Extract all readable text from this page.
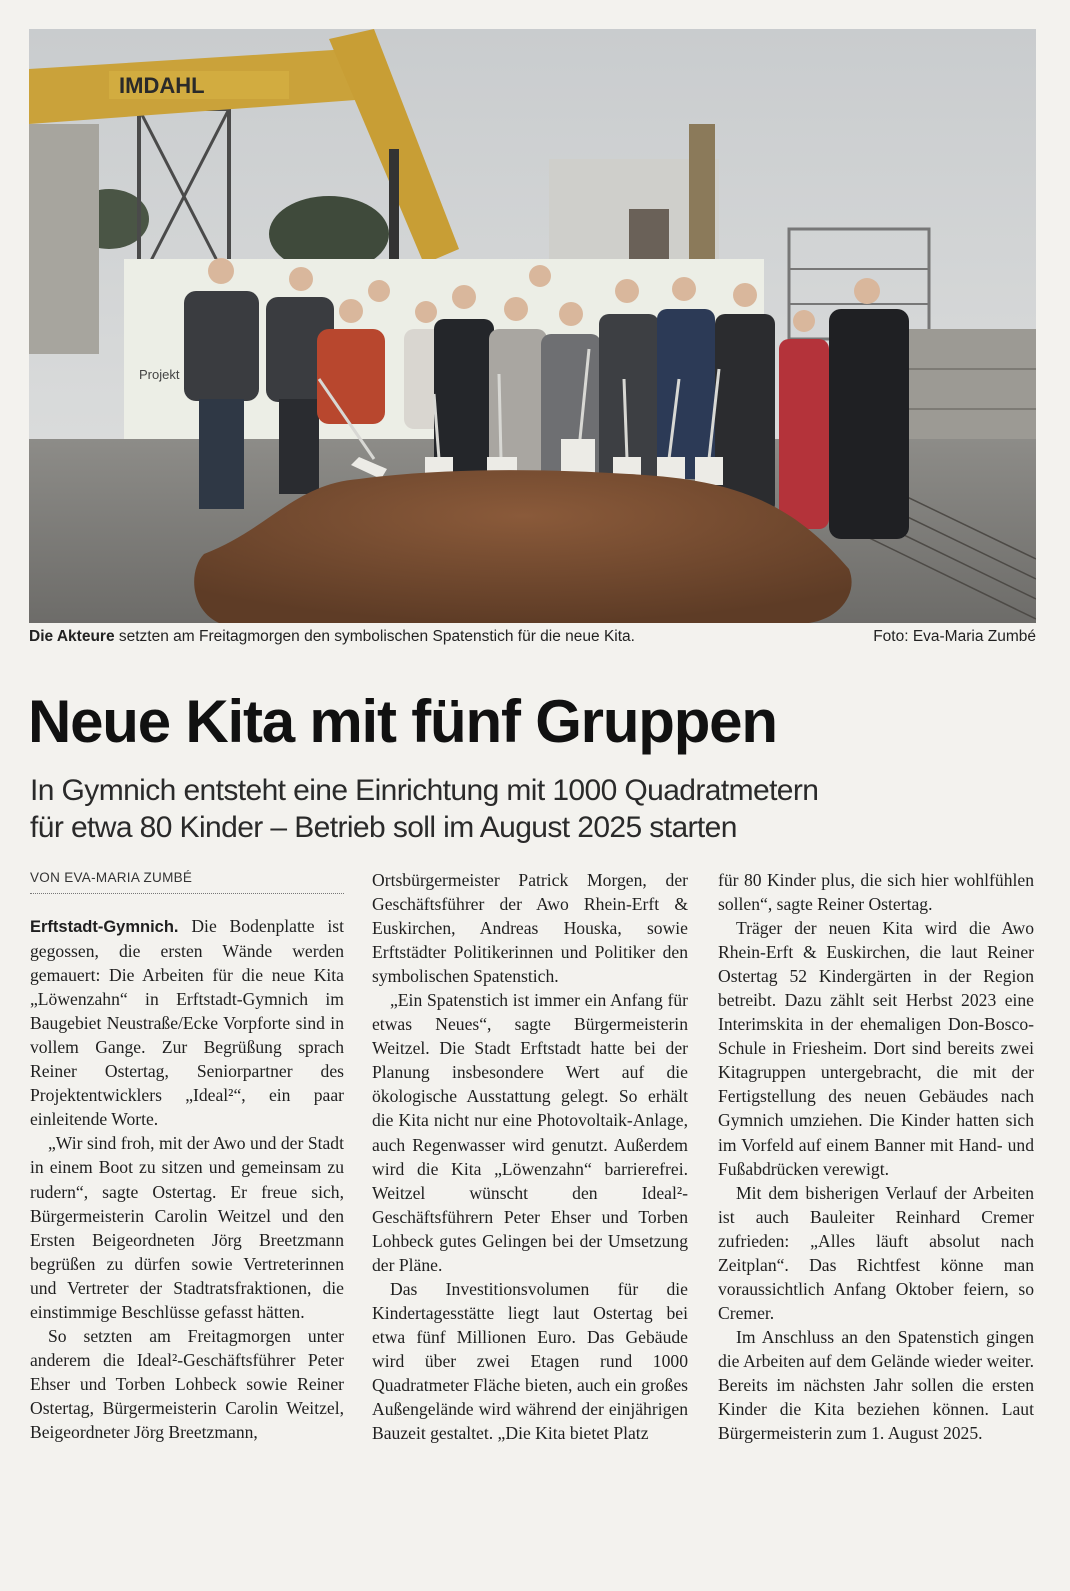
IMDAHL
Projekt
Die Akteure setzten am Freitagmorgen den symbolischen Spatenstich für die neue Kita.	Foto: Eva-Maria Zumbé
Neue Kita mit fünf Gruppen
In Gymnich entsteht eine Einrichtung mit 1000 Quadratmetern
für etwa 80 Kinder – Betrieb soll im August 2025 starten
VON EVA-MARIA ZUMBÉ

Erftstadt-Gymnich. Die Bodenplatte ist gegossen, die ersten Wände werden gemauert: Die Arbeiten für die neue Kita „Löwenzahn“ in Erftstadt-Gymnich im Baugebiet Neustraße/Ecke Vorpforte sind in vollem Gange. Zur Begrüßung sprach Reiner Ostertag, Seniorpartner des Projektentwicklers „Ideal²“, ein paar einleitende Worte.

„Wir sind froh, mit der Awo und der Stadt in einem Boot zu sitzen und gemeinsam zu rudern“, sagte Ostertag. Er freue sich, Bürgermeisterin Carolin Weitzel und den Ersten Beigeordneten Jörg Breetzmann begrüßen zu dürfen sowie Vertreterinnen und Vertreter der Stadtratsfraktionen, die einstimmige Beschlüsse gefasst hätten.

So setzten am Freitagmorgen unter anderem die Ideal²-Geschäftsführer Peter Ehser und Torben Lohbeck sowie Reiner Ostertag, Bürgermeisterin Carolin Weitzel, Beigeordneter Jörg Breetzmann,

Ortsbürgermeister Patrick Morgen, der Geschäftsführer der Awo Rhein-Erft & Euskirchen, Andreas Houska, sowie Erftstädter Politikerinnen und Politiker den symbolischen Spatenstich.

„Ein Spatenstich ist immer ein Anfang für etwas Neues“, sagte Bürgermeisterin Weitzel. Die Stadt Erftstadt hatte bei der Planung insbesondere Wert auf die ökologische Ausstattung gelegt. So erhält die Kita nicht nur eine Photovoltaik-Anlage, auch Regenwasser wird genutzt. Außerdem wird die Kita „Löwenzahn“ barrierefrei. Weitzel wünscht den Ideal²-Geschäftsführern Peter Ehser und Torben Lohbeck gutes Gelingen bei der Umsetzung der Pläne.

Das Investitionsvolumen für die Kindertagesstätte liegt laut Ostertag bei etwa fünf Millionen Euro. Das Gebäude wird über zwei Etagen rund 1000 Quadratmeter Fläche bieten, auch ein großes Außengelände wird während der einjährigen Bauzeit gestaltet. „Die Kita bietet Platz

für 80 Kinder plus, die sich hier wohlfühlen sollen“, sagte Reiner Ostertag.

Träger der neuen Kita wird die Awo Rhein-Erft & Euskirchen, die laut Reiner Ostertag 52 Kindergärten in der Region betreibt. Dazu zählt seit Herbst 2023 eine Interimskita in der ehemaligen Don-Bosco-Schule in Friesheim. Dort sind bereits zwei Kitagruppen untergebracht, die mit der Fertigstellung des neuen Gebäudes nach Gymnich umziehen. Die Kinder hatten sich im Vorfeld auf einem Banner mit Hand- und Fußabdrücken verewigt.

Mit dem bisherigen Verlauf der Arbeiten ist auch Bauleiter Reinhard Cremer zufrieden: „Alles läuft absolut nach Zeitplan“. Das Richtfest könne man voraussichtlich Anfang Oktober feiern, so Cremer.

Im Anschluss an den Spatenstich gingen die Arbeiten auf dem Gelände wieder weiter. Bereits im nächsten Jahr sollen die ersten Kinder die Kita beziehen können. Laut Bürgermeisterin zum 1. August 2025.
